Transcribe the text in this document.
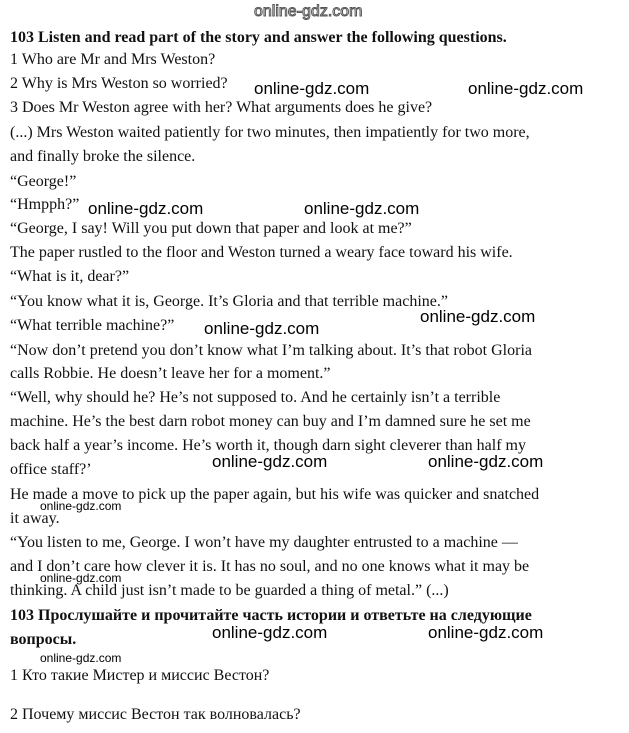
103 Listen and read part of the story and answer the following questions.
1 Who are Mr and Mrs Weston?
2 Why is Mrs Weston so worried?
3 Does Mr Weston agree with her? What arguments does he give?
(...) Mrs Weston waited patiently for two minutes, then impatiently for two more,
and finally broke the silence.
“George!”
“Hmpph?”
“George, I say! Will you put down that paper and look at me?”
The paper rustled to the floor and Weston turned a weary face toward his wife.
“What is it, dear?”
“You know what it is, George. It’s Gloria and that terrible machine.”
“What terrible machine?”
“Now don’t pretend you don’t know what I’m talking about. It’s that robot Gloria
calls Robbie. He doesn’t leave her for a moment.”
“Well, why should he? He’s not supposed to. And he certainly isn’t a terrible
machine. He’s the best darn robot money can buy and I’m damned sure he set me
back half a year’s income. He’s worth it, though darn sight cleverer than half my
office staff?’
He made a move to pick up the paper again, but his wife was quicker and snatched
it away.
“You listen to me, George. I won’t have my daughter entrusted to a machine —
and I don’t care how clever it is. It has no soul, and no one knows what it may be
thinking. A child just isn’t made to be guarded a thing of metal.” (...)
103 Прослушайте и прочитайте часть истории и ответьте на следующие
вопросы.
1 Кто такие Мистер и миссис Вестон?
2 Почему миссис Вестон так волновалась?
online-gdz.com
online-gdz.com	online-gdz.com
online-gdz.com	online-gdz.com
online-gdz.com
online-gdz.com
online-gdz.com	online-gdz.com
online-gdz.com
online-gdz.com
online-gdz.com	online-gdz.com
online-gdz.com
